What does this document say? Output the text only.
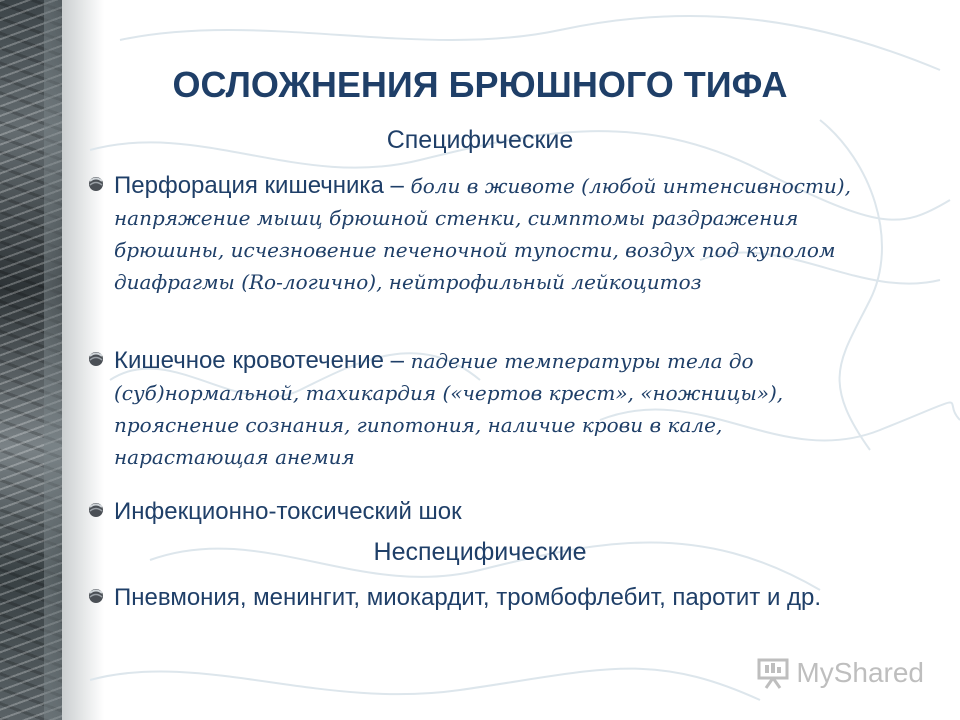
ОСЛОЖНЕНИЯ БРЮШНОГО ТИФА
Специфические
Перфорация кишечника – боли в животе (любой интенсивности), напряжение мышц брюшной стенки, симптомы раздражения брюшины, исчезновение печеночной тупости, воздух под куполом диафрагмы (Ro-логично), нейтрофильный лейкоцитоз
Кишечное кровотечение – падение температуры тела до (суб)нормальной, тахикардия («чертов крест», «ножницы»), прояснение сознания, гипотония, наличие крови в кале, нарастающая анемия
Инфекционно-токсический шок
Неспецифические
Пневмония, менингит, миокардит, тромбофлебит, паротит и др.
MyShared
